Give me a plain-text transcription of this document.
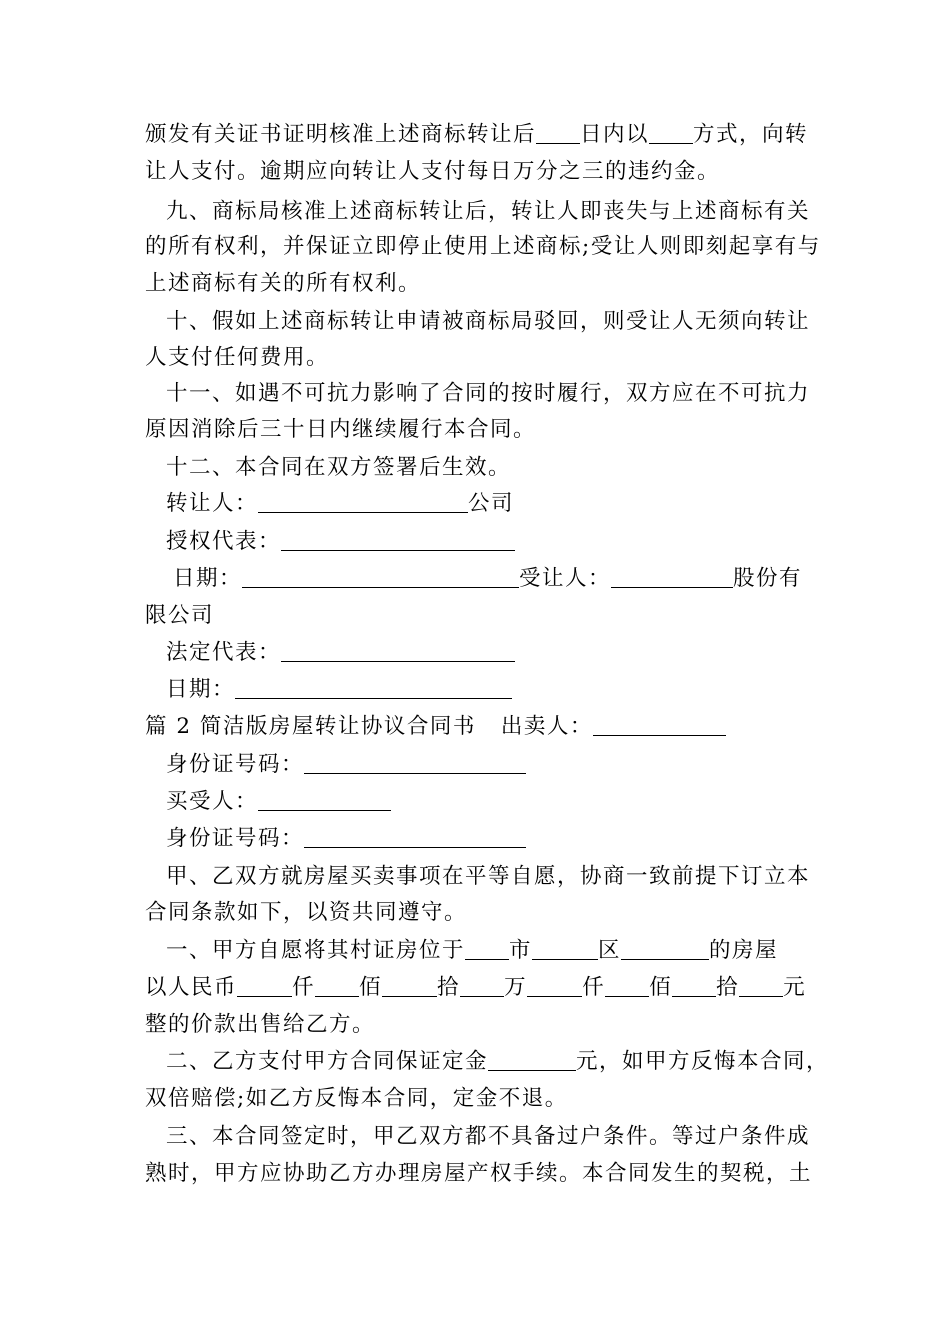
颁发有关证书证明核准上述商标转让后 日内以 方式，向转
让人支付。逾期应向转让人支付每日万分之三的违约金。
九、商标局核准上述商标转让后，转让人即丧失与上述商标有关
的所有权利，并保证立即停止使用上述商标;受让人则即刻起享有与
上述商标有关的所有权利。
十、假如上述商标转让申请被商标局驳回，则受让人无须向转让
人支付任何费用。
十一、如遇不可抗力影响了合同的按时履行，双方应在不可抗力
原因消除后三十日内继续履行本合同。
十二、本合同在双方签署后生效。
转让人：	公司
授权代表：
日期：	受让人：	股份有
限公司
法定代表：
日期：
篇 2 简洁版房屋转让协议合同书 出卖人：
身份证号码：
买受人：
身份证号码：
甲、乙双方就房屋买卖事项在平等自愿，协商一致前提下订立本
合同条款如下，以资共同遵守。
一、甲方自愿将其村证房位于 市	区	的房屋
以人民币	仟 佰	拾 万	仟 佰 拾 元
整的价款出售给乙方。
二、乙方支付甲方合同保证定金	元，如甲方反悔本合同，
双倍赔偿;如乙方反悔本合同，定金不退。
三、本合同签定时，甲乙双方都不具备过户条件。等过户条件成
熟时，甲方应协助乙方办理房屋产权手续。本合同发生的契税，土
